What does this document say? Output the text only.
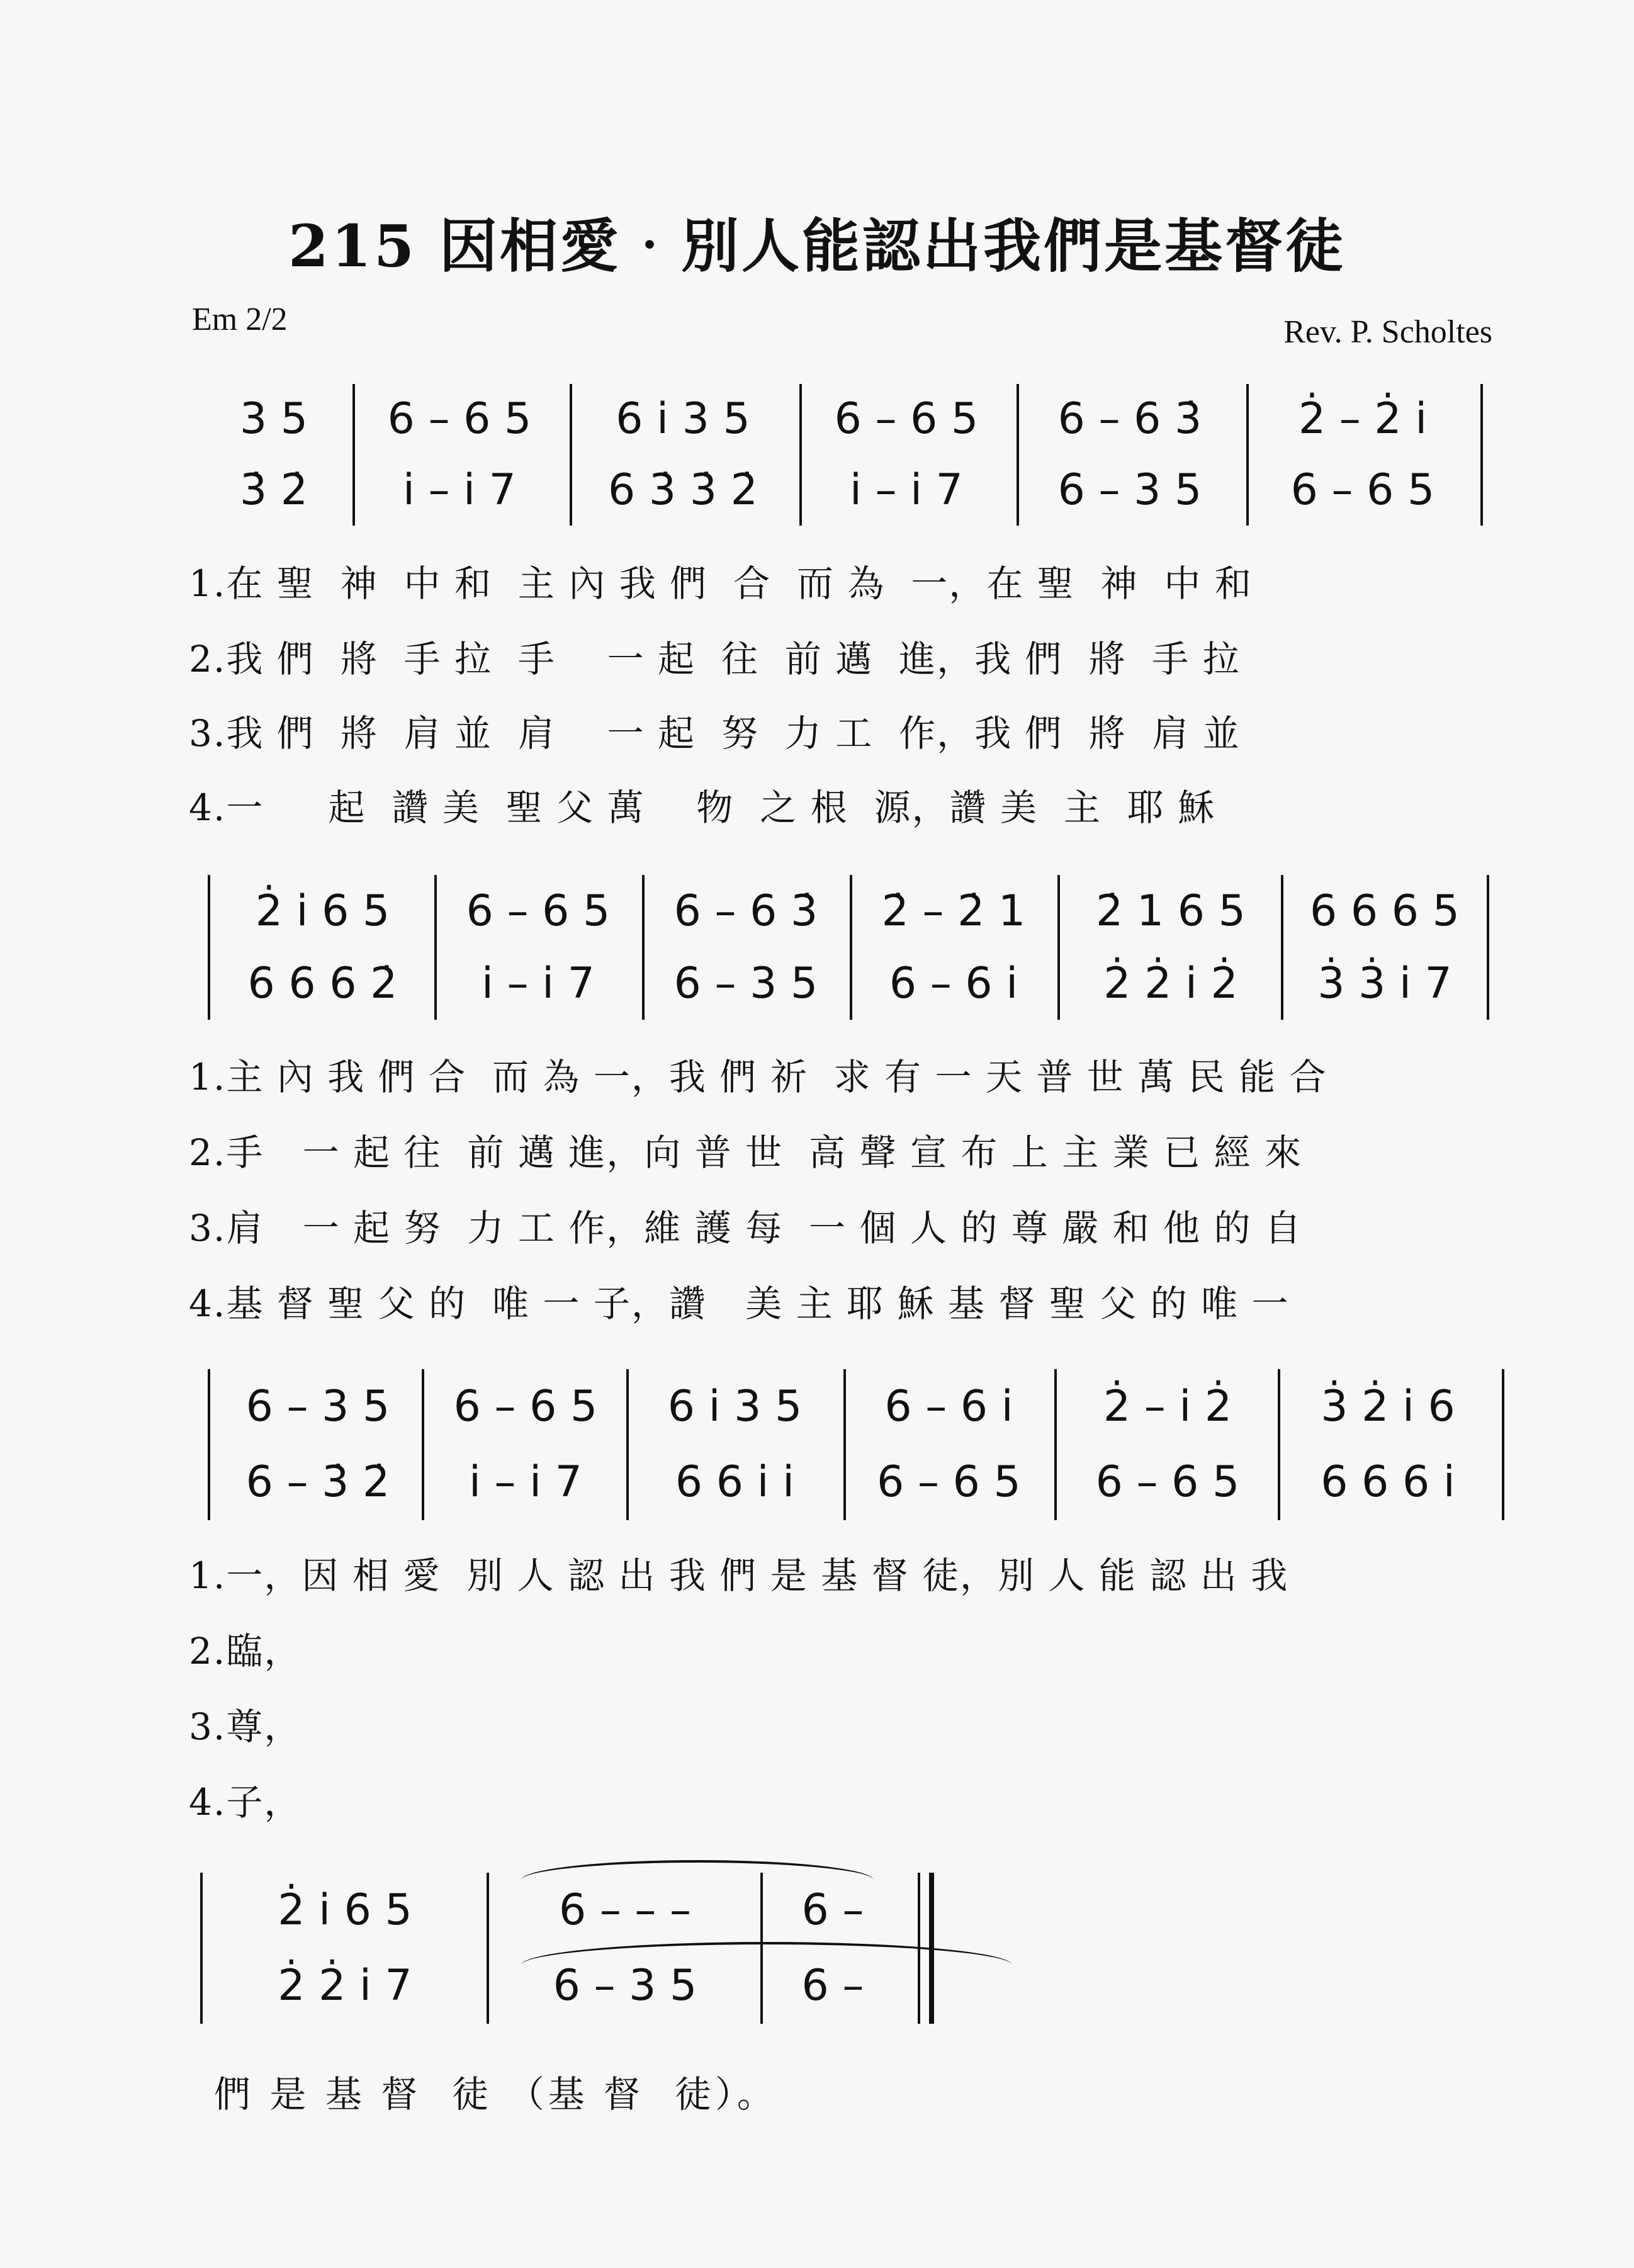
215 因相愛‧別人能認出我們是基督徒
Em 2/2	Rev. P. Scholtes
3 5
3̇ 2̇
6 – 6 5
i – i 7
6 i 3 5
6 3̇ 3̇ 2̇
6 – 6 5
i – i 7
6 – 6 3̇
6 – 3 5
2̇ – 2̇ i
6 – 6 5
1.在 聖  神  中 和  主 內 我 們  合  而 為  一，在 聖  神  中 和
2.我 們  將  手 拉  手    一 起  往  前 邁  進，我 們  將  手 拉
3.我 們  將  肩 並  肩    一 起  努  力 工  作，我 們  將  肩 並
4.一     起  讚 美  聖 父 萬    物  之 根  源，讚 美  主  耶 穌
2̇ i 6 5
6 6 6 2̇
6 – 6 5
i – i 7
6 – 6 3̇
6 – 3 5
2̇ – 2̇ 1
6 – 6 i
2̇ 1 6 5
2̇ 2̇ i 2̇
6 6 6 5
3̇ 3̇ i 7
1.主 內 我 們 合  而 為 一，我 們 祈  求 有 一 天 普 世 萬 民 能 合
2.手   一 起 往  前 邁 進，向 普 世  高 聲 宣 布 上 主 業 已 經 來
3.肩   一 起 努  力 工 作，維 護 每  一 個 人 的 尊 嚴 和 他 的 自
4.基 督 聖 父 的  唯 一 子，讚   美 主 耶 穌 基 督 聖 父 的 唯 一
6 – 3 5
6 – 3̇ 2̇
6 – 6 5
i – i 7
6 i 3 5
6 6 i i
6 – 6 i
6 – 6 5
2̇ – i 2̇
6 – 6 5
3̇ 2̇ i 6
6 6 6 i
1.一，因 相 愛  別 人 認 出 我 們 是 基 督 徒，別 人 能 認 出 我
2.臨，
3.尊，
4.子，
2̇ i 6 5
2̇ 2̇ i 7
6 – – –
6 – 3 5
6 –
6 –
們 是 基 督  徒 （基 督  徒）。
